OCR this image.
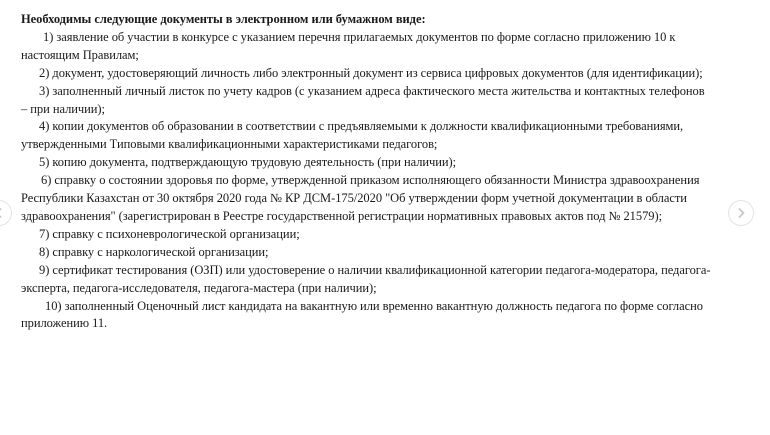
Необходимы следующие документы в электронном или бумажном виде:

1) заявление об участии в конкурсе с указанием перечня прилагаемых документов по форме согласно приложению 10 к настоящим Правилам;
2) документ, удостоверяющий личность либо электронный документ из сервиса цифровых документов (для идентификации);
3) заполненный личный листок по учету кадров (с указанием адреса фактического места жительства и контактных телефонов – при наличии);
4) копии документов об образовании в соответствии с предъявляемыми к должности квалификационными требованиями, утвержденными Типовыми квалификационными характеристиками педагогов;
5) копию документа, подтверждающую трудовую деятельность (при наличии);
6) справку о состоянии здоровья по форме, утвержденной приказом исполняющего обязанности Министра здравоохранения Республики Казахстан от 30 октября 2020 года № КР ДСМ-175/2020 "Об утверждении форм учетной документации в области здравоохранения" (зарегистрирован в Реестре государственной регистрации нормативных правовых актов под № 21579);
7) справку с психоневрологической организации;
8) справку с наркологической организации;
9) сертификат тестирования (ОЗП) или удостоверение о наличии квалификационной категории педагога-модератора, педагога-эксперта, педагога-исследователя, педагога-мастера (при наличии);
10) заполненный Оценочный лист кандидата на вакантную или временно вакантную должность педагога по форме согласно приложению 11.
